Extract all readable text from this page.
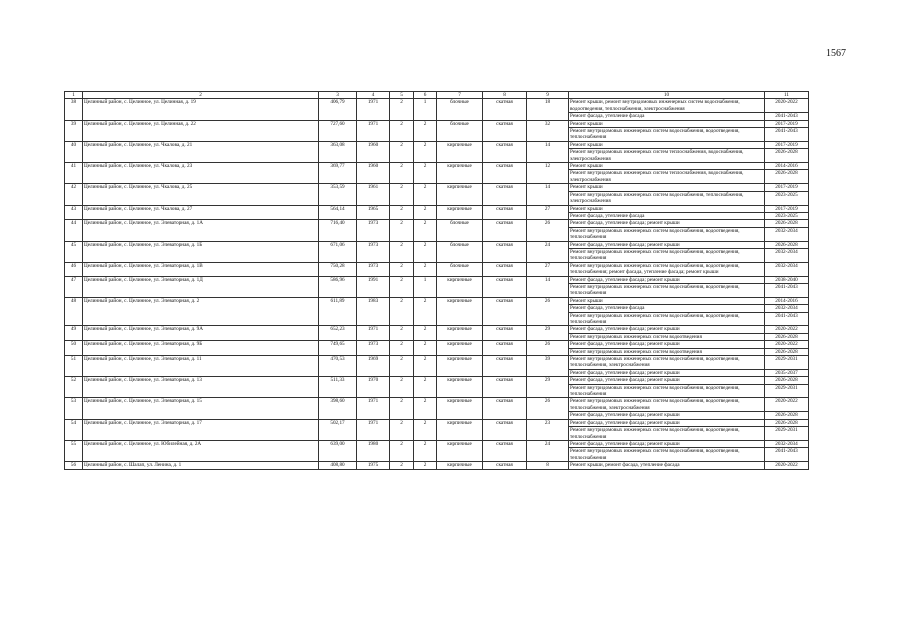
1567
1	2	3	4	5	6	7	8	9	10	11
38	Целинный район, с. Целинное, ул. Целинная, д. 19	406,79	1971	2	1	блочные	скатная	18	Ремонт крыши, ремонт внутридомовых инженерных систем водоснабжения, водоотведения, теплоснабжения, электроснабжения	2020-2022
									Ремонт фасада, утепление фасада	2041-2043
39	Целинный район, с. Целинное, ул. Целинная, д. 22	727,60	1971	2	2	блочные	скатная	32	Ремонт крыши	2017-2019
									Ремонт внутридомовых инженерных систем водоснабжения, водоотведения, теплоснабжения	2041-2043
40	Целинный район, с. Целинное, ул. Чкалова, д. 21	363,08	1960	2	2	кирпичные	скатная	14	Ремонт крыши	2017-2019
									Ремонт внутридомовых инженерных систем теплоснабжения, водоснабжения, электроснабжения	2026-2028
41	Целинный район, с. Целинное, ул. Чкалова, д. 23	369,77	1960	2	2	кирпичные	скатная	12	Ремонт крыши	2014-2016
									Ремонт внутридомовых инженерных систем теплоснабжения, водоснабжения, электроснабжения	2026-2028
42	Целинный район, с. Целинное, ул. Чкалова, д. 25	353,59	1961	2	2	кирпичные	скатная	14	Ремонт крыши	2017-2019
									Ремонт внутридомовых инженерных систем водоснабжения, теплоснабжения, электроснабжения	2023-2025
43	Целинный район, с. Целинное, ул. Чкалова, д. 27	564,14	1965	2	2	кирпичные	скатная	27	Ремонт крыши	2017-2019
									Ремонт фасада, утепление фасада	2023-2025
44	Целинный район, с. Целинное, ул. Элеваторная, д. 1А	716,40	1973	2	2	блочные	скатная	26	Ремонт фасада, утепление фасада; ремонт крыши	2026-2028
									Ремонт внутридомовых инженерных систем водоснабжения, водоотведения, теплоснабжения	2032-2034
45	Целинный район, с. Целинное, ул. Элеваторная, д. 1Б	671,06	1973	2	2	блочные	скатная	24	Ремонт фасада, утепление фасада; ремонт крыши	2026-2028
									Ремонт внутридомовых инженерных систем водоснабжения, водоотведения, теплоснабжения	2032-2034
46	Целинный район, с. Целинное, ул. Элеваторная, д. 1В	750,28	1973	2	2	блочные	скатная	27	Ремонт внутридомовых инженерных систем водоснабжения, водоотведения, теплоснабжения; ремонт фасада, утепление фасада; ремонт крыши	2032-2034
47	Целинный район, с. Целинное, ул. Элеваторная, д. 1Д	586,96	1991	2	1	кирпичные	скатная	14	Ремонт фасада, утепление фасада; ремонт крыши	2038-2040
									Ремонт внутридомовых инженерных систем водоснабжения, водоотведения, теплоснабжения	2041-2043
48	Целинный район, с. Целинное, ул. Элеваторная, д. 2	611,89	1983	2	2	кирпичные	скатная	26	Ремонт крыши	2014-2016
									Ремонт фасада, утепление фасада	2032-2034
									Ремонт внутридомовых инженерных систем водоснабжения, водоотведения, теплоснабжения	2041-2043
49	Целинный район, с. Целинное, ул. Элеваторная, д. 9А	652,23	1971	2	2	кирпичные	скатная	29	Ремонт фасада, утепление фасада; ремонт крыши	2020-2022
									Ремонт внутридомовых инженерных систем водоотведения	2026-2028
50	Целинный район, с. Целинное, ул. Элеваторная, д. 9Б	749,65	1973	2	2	кирпичные	скатная	26	Ремонт фасада, утепление фасада; ремонт крыши	2020-2022
									Ремонт внутридомовых инженерных систем водоотведения	2026-2028
51	Целинный район, с. Целинное, ул. Элеваторная, д. 11	470,53	1969	2	2	кирпичные	скатная	39	Ремонт внутридомовых инженерных систем водоснабжения, водоотведения, теплоснабжения, электроснабжения	2029-2031
									Ремонт фасада, утепление фасада; ремонт крыши	2035-2037
52	Целинный район, с. Целинное, ул. Элеваторная, д. 13	511,33	1970	2	2	кирпичные	скатная	29	Ремонт фасада, утепление фасада; ремонт крыши	2026-2028
									Ремонт внутридомовых инженерных систем водоснабжения, водоотведения, теплоснабжения	2029-2031
53	Целинный район, с. Целинное, ул. Элеваторная, д. 15	398,60	1971	2	2	кирпичные	скатная	26	Ремонт внутридомовых инженерных систем водоснабжения, водоотведения, теплоснабжения, электроснабжения	2020-2022
									Ремонт фасада, утепление фасада; ремонт крыши	2026-2028
54	Целинный район, с. Целинное, ул. Элеваторная, д. 17	502,17	1971	2	2	кирпичные	скатная	23	Ремонт фасада, утепление фасада; ремонт крыши	2026-2028
									Ремонт внутридомовых инженерных систем водоснабжения, водоотведения, теплоснабжения	2029-2031
55	Целинный район, с. Целинное, ул. Юбилейная, д. 2А	639,00	1980	2	2	кирпичные	скатная	24	Ремонт фасада, утепление фасада; ремонт крыши	2032-2034
									Ремонт внутридомовых инженерных систем водоснабжения, водоотведения, теплоснабжения	2041-2043
56	Целинный район, с. Шалап, ул. Ленина, д. 1	408,80	1975	2	2	кирпичные	скатная	8	Ремонт крыши, ремонт фасада, утепление фасада	2020-2022
